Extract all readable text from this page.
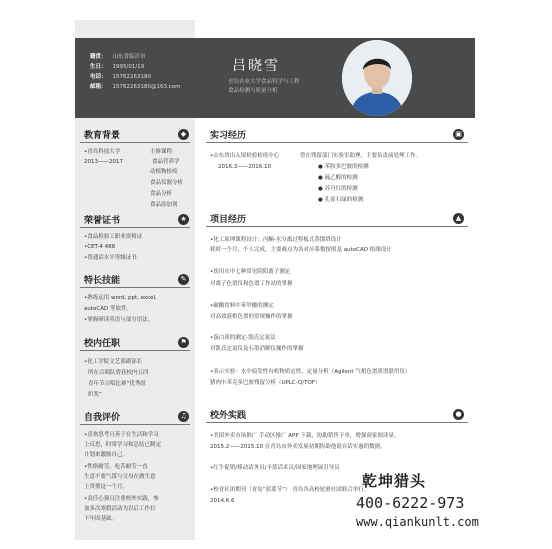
籍贯： 山东省临沂市
生日： 1995/01/19
电话： 15762263180
邮箱： 15762263180@163.com
吕晓雪
青岛农业大学食品科学与工程
食品检测与质量分析
教育背景	◆
•青岛科技大学
2013——2017
主修课程
食品营养学
动植物检疫
食品仪器分析
食品分析
食品添加剂
荣誉证书	★
•食品检验工职业资格证
•CET-4 488
•普通话水平等级证书
特长技能	✎
•熟练运用 word, ppt, excel,
autoCAD 等软件。
•掌握研读英语与部分语法。
校内任职	⚑
•化工学院文艺部副部长
所在合唱队曾获校内五四
青年节合唱比赛“优秀组
织奖”
自我评价	♫
•喜欢思考且善于在生活和学习
上反思，时常学习和总结已制定
计划来激励自己。
•性格耐劳，吃苦耐劳一直
生意不要气馁与父母在做生意
上贯彻这一个月。
•责任心强且注重校外实践，参
加多次寒假活动为以后工作打
下牢固基础。
实习经历	▣
•山东省出入境检验检疫中心	曾在残留部门实验室助理，主要负责前处理工作。
2016.3——2016.10	● 苯胺多巴胺的检测
● 硫乙醇的检测
● 苏丹红的检测
● 孔雀石绿的检测
项目经历	▲
•化工原理课程设计：丙酮-水分离过程板式蒸馏塔设计
耗时一个月，个人完成，主要难点为各对应系数按照及 autoCAD 绘图设计
•饮用水中七种常见阴阳离子测定
对离子色谱仪和色谱工作站的掌握
•碳酸饮料中苯甲酸的测定
对高效液相色谱的常规操作的掌握
•蛋白质的测定-凯氏定氮法
对凯氏定氮仪及石墨消解仪操作的掌握
•表示实验：水中痕发性有机物质定性、定量分析（Agilent 气相色谱质谱联用仪）
猪肉中苯克多巴胺残留分析（UPLC-Q/TOF）
校外实践	●
•美团外卖市场推广 手动区推广 APP 下载，协助销售下单，增强商家阅读显。
2015.2——2015.10 在青岛市外卖发展初期协助他说自话实惠的数据。
•红牛促销/移动话务员/丰蓝话术员/国家地理展引导员
•校青社团期刊（青岛“蓝蓝节”） 青岛各高校轮滑社团联合举行。
2014.6.6
乾坤猎头
400-6222-973
www.qiankunlt.com
